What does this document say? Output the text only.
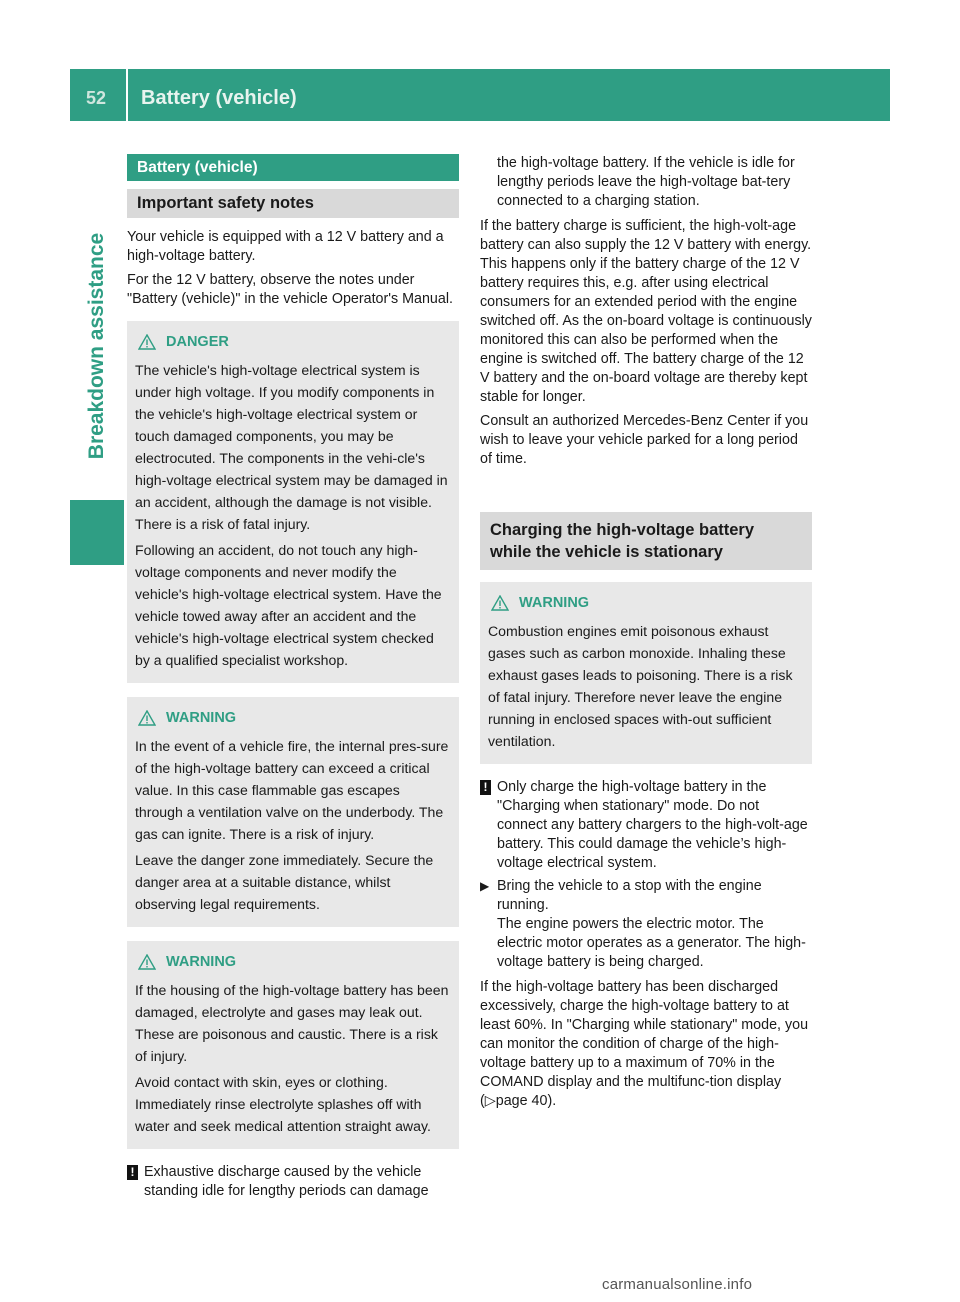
52 Battery (vehicle)
Breakdown assistance
Battery (vehicle)
Important safety notes

Your vehicle is equipped with a 12 V battery and a high-voltage battery.

For the 12 V battery, observe the notes under "Battery (vehicle)" in the vehicle Operator's Manual.

DANGER

The vehicle's high-voltage electrical system is under high voltage. If you modify components in the vehicle's high-voltage electrical system or touch damaged components, you may be electrocuted. The components in the vehi-cle's high-voltage electrical system may be damaged in an accident, although the damage is not visible. There is a risk of fatal injury.

Following an accident, do not touch any high-voltage components and never modify the vehicle's high-voltage electrical system. Have the vehicle towed away after an accident and the vehicle's high-voltage electrical system checked by a qualified specialist workshop.

WARNING

In the event of a vehicle fire, the internal pres-sure of the high-voltage battery can exceed a critical value. In this case flammable gas escapes through a ventilation valve on the underbody. The gas can ignite. There is a risk of injury.

Leave the danger zone immediately. Secure the danger area at a suitable distance, whilst observing legal requirements.

WARNING

If the housing of the high-voltage battery has been damaged, electrolyte and gases may leak out. These are poisonous and caustic. There is a risk of injury.

Avoid contact with skin, eyes or clothing. Immediately rinse electrolyte splashes off with water and seek medical attention straight away.

! Exhaustive discharge caused by the vehicle standing idle for lengthy periods can damage
the high-voltage battery. If the vehicle is idle for lengthy periods leave the high-voltage bat-tery connected to a charging station.

If the battery charge is sufficient, the high-volt-age battery can also supply the 12 V battery with energy. This happens only if the battery charge of the 12 V battery requires this, e.g. after using electrical consumers for an extended period with the engine switched off. As the on-board voltage is continuously monitored this can also be performed when the engine is switched off. The battery charge of the 12 V battery and the on-board voltage are thereby kept stable for longer.

Consult an authorized Mercedes-Benz Center if you wish to leave your vehicle parked for a long period of time.

Charging the high-voltage battery
while the vehicle is stationary
WARNING

Combustion engines emit poisonous exhaust gases such as carbon monoxide. Inhaling these exhaust gases leads to poisoning. There is a risk of fatal injury. Therefore never leave the engine running in enclosed spaces with-out sufficient ventilation.

! Only charge the high-voltage battery in the "Charging when stationary" mode. Do not connect any battery chargers to the high-volt-age battery. This could damage the vehicle’s high-voltage electrical system.
▶ Bring the vehicle to a stop with the engine running.
The engine powers the electric motor. The electric motor operates as a generator. The high-voltage battery is being charged.

If the high-voltage battery has been discharged excessively, charge the high-voltage battery to at least 60%. In "Charging while stationary" mode, you can monitor the condition of charge of the high-voltage battery up to a maximum of 70% in the COMAND display and the multifunc-tion display (▷page 40).

carmanualsonline.info
